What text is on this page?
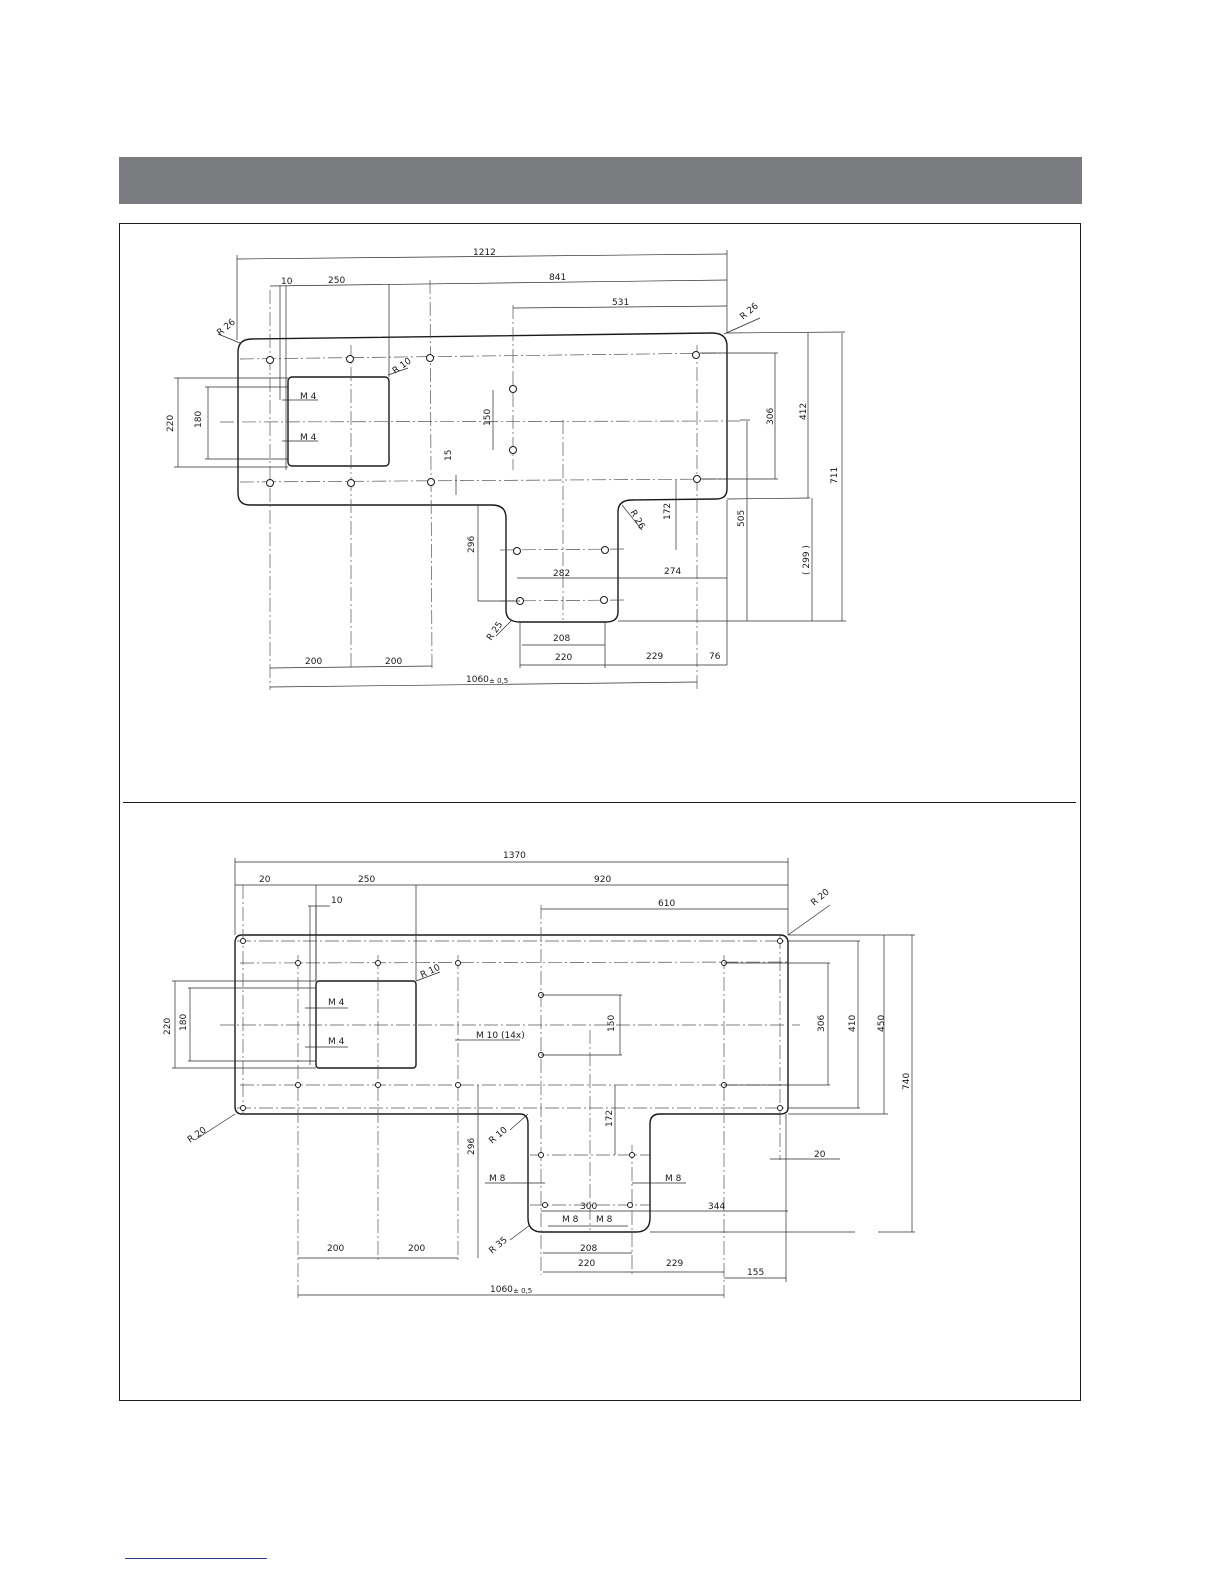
1212
10	250	841
531
R 26
R 26
R 10
M 4
M 4
220 180	150
15
306	412
711
505
( 299 )
172
R 26
296
282	274
R 25	208
200	200	220	229	76
1060 ± 0,5
1370
20	250	920
10	610	R 20
R 10
M 4
M 4
220 180
M 10 (14x)
150	306 410 450
740
R 20	R 10
296
172
20
M 8	M 8
300	344
M 8 M 8
R 35	208
200	200
220	229
155
1060 ± 0,5
